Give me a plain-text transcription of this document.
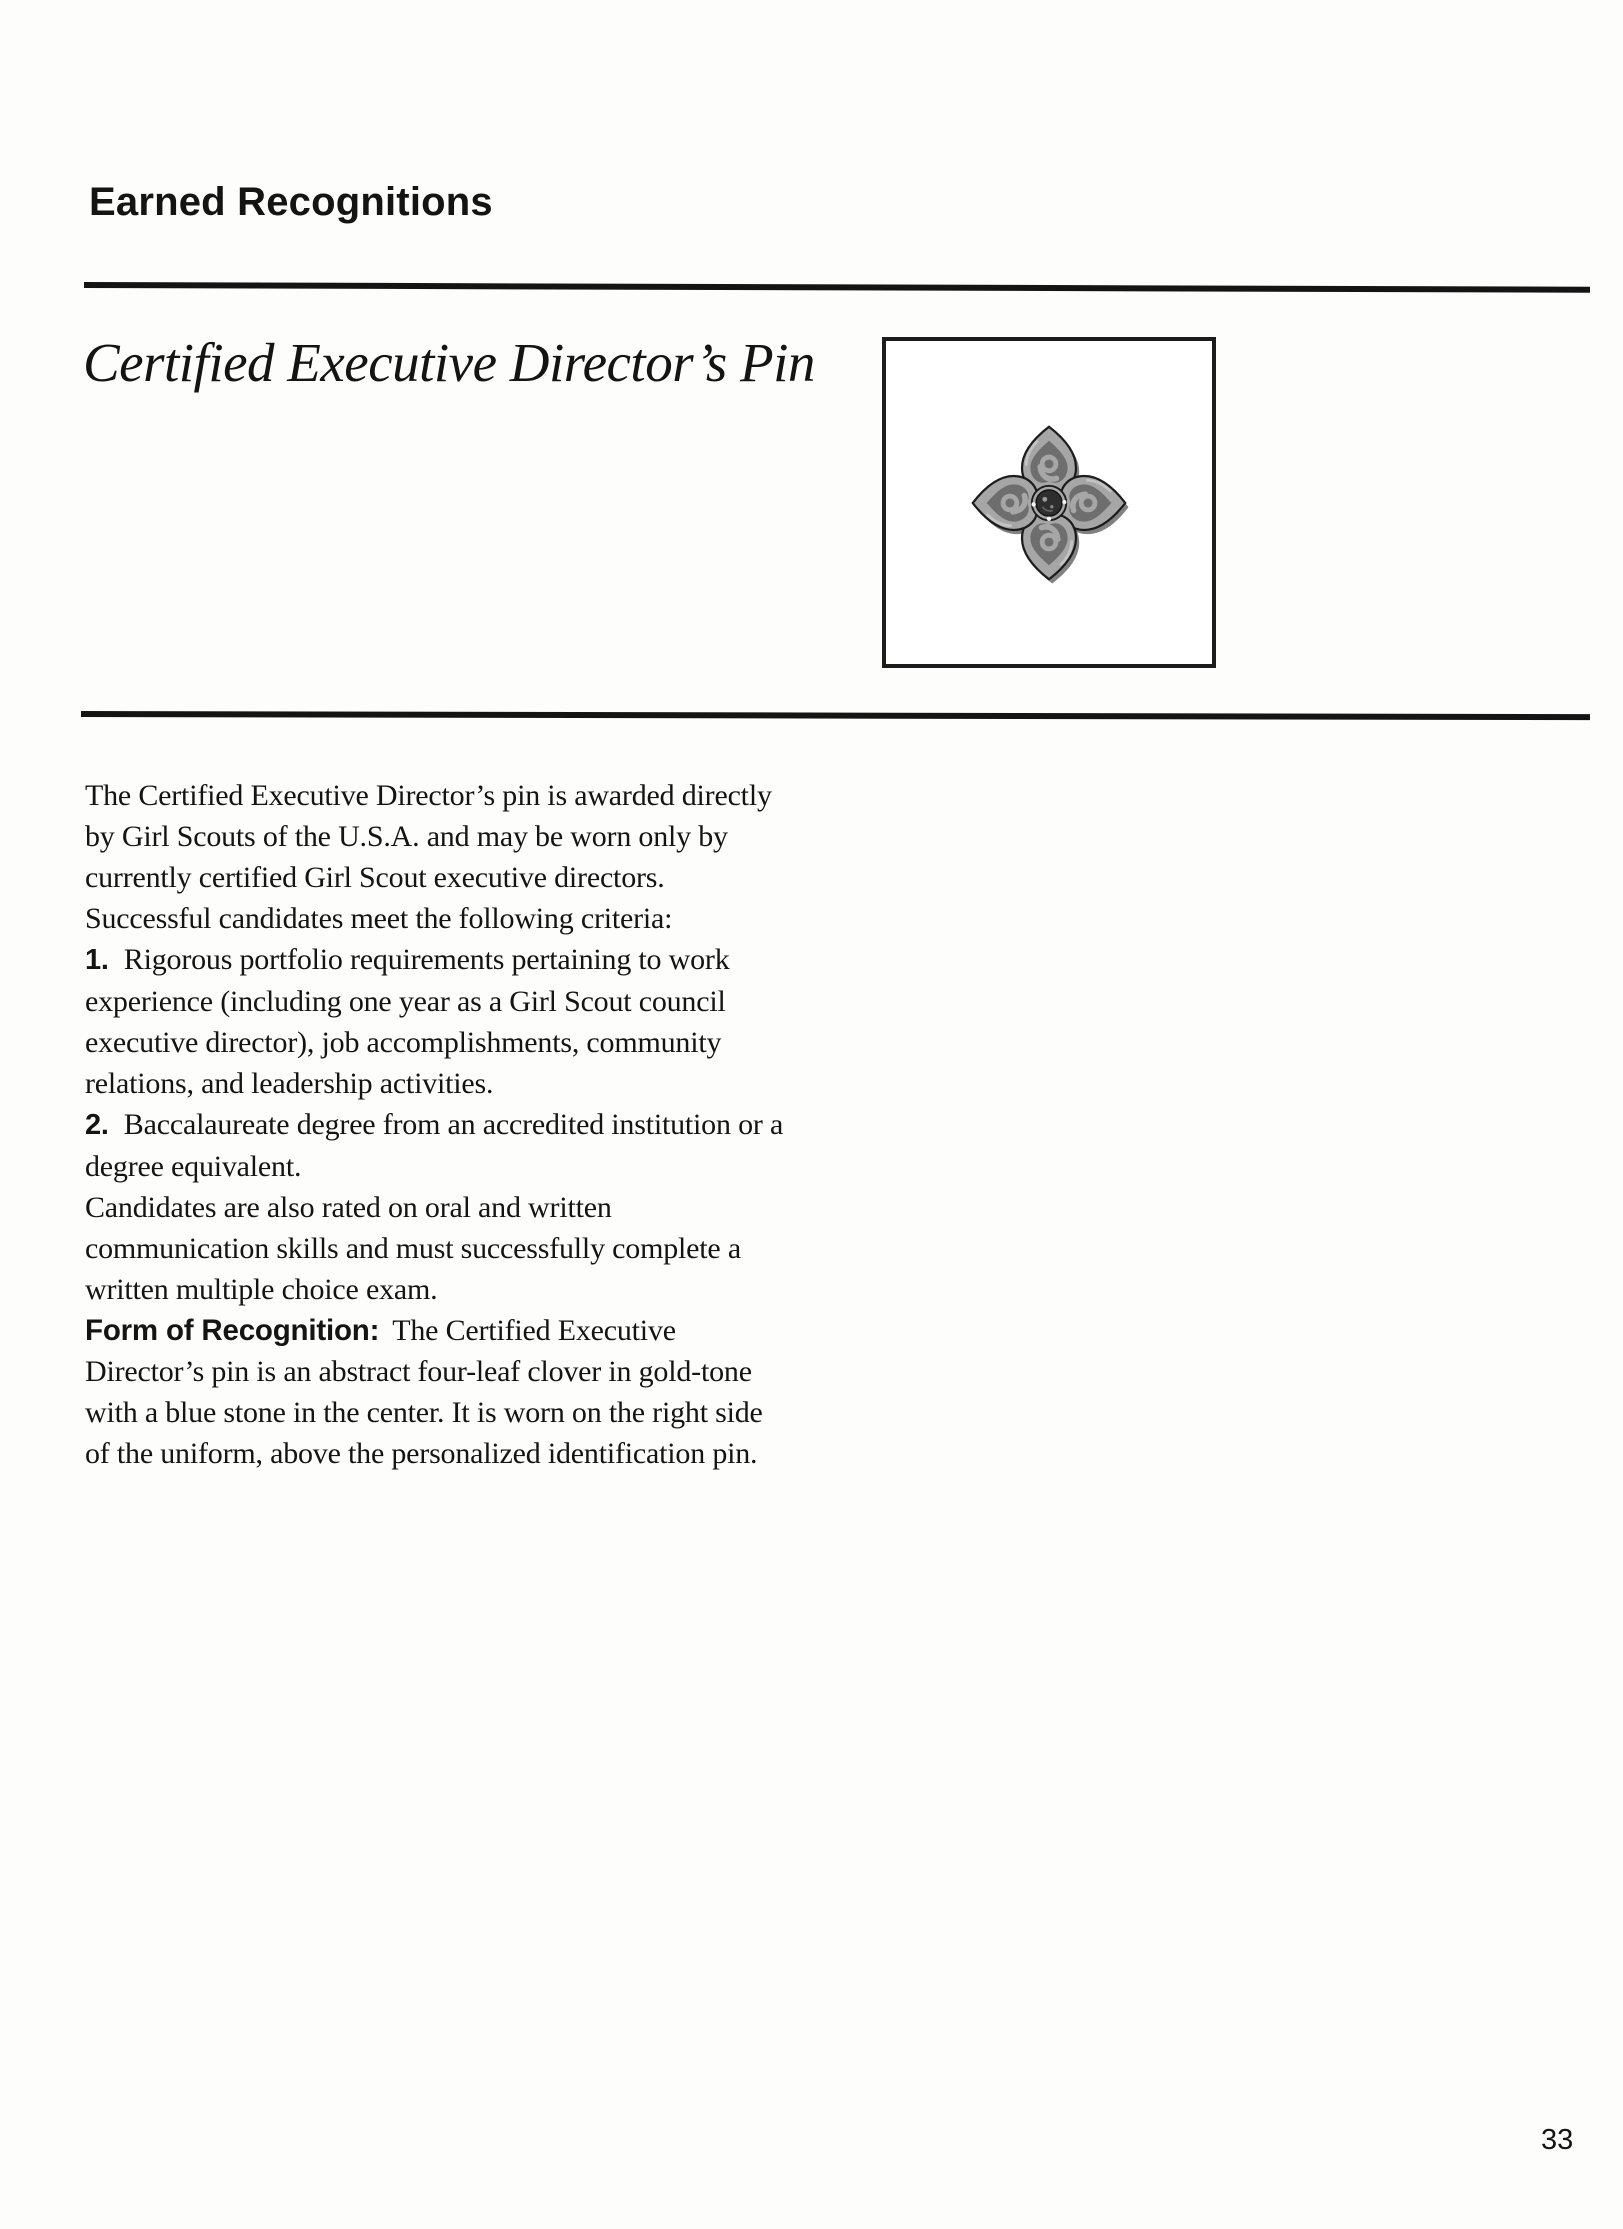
Earned Recognitions
Certified Executive Director’s Pin

The Certified Executive Director’s pin is awarded directly by Girl Scouts of the U.S.A. and may be worn only by currently certified Girl Scout executive directors.

Successful candidates meet the following criteria:

1. Rigorous portfolio requirements pertaining to work experience (including one year as a Girl Scout council executive director), job accomplishments, community relations, and leadership activities.

2. Baccalaureate degree from an accredited institution or a degree equivalent.

Candidates are also rated on oral and written communication skills and must successfully complete a written multiple choice exam.

Form of Recognition: The Certified Executive Director’s pin is an abstract four-leaf clover in gold-tone with a blue stone in the center. It is worn on the right side of the uniform, above the personalized identification pin.

33
